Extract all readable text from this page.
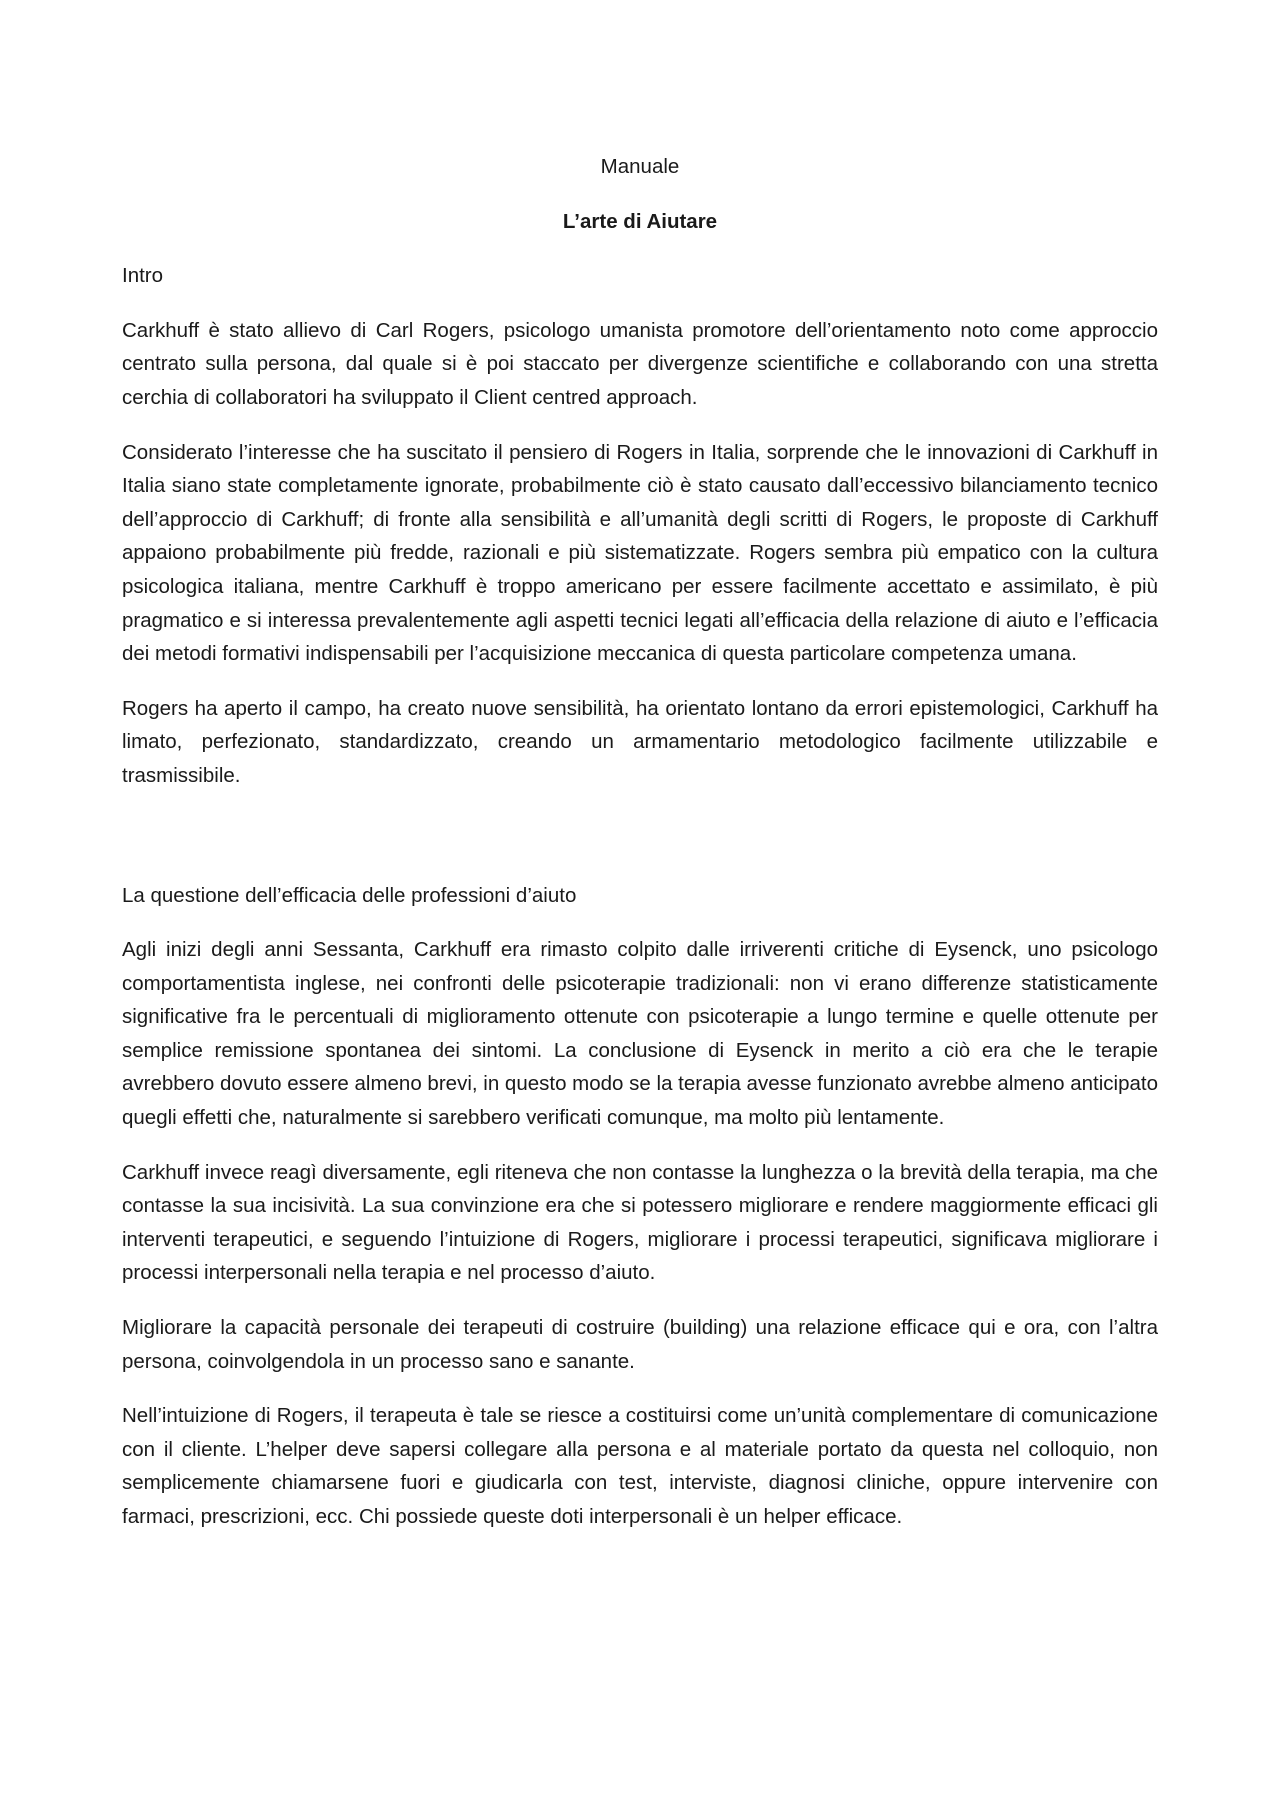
Manuale

L’arte di Aiutare

Intro

Carkhuff è stato allievo di Carl Rogers, psicologo umanista promotore dell’orientamento noto come approccio centrato sulla persona, dal quale si è poi staccato per divergenze scientifiche e collaborando con una stretta cerchia di collaboratori ha sviluppato il Client centred approach.

Considerato l’interesse che ha suscitato il pensiero di Rogers in Italia, sorprende che le innovazioni di Carkhuff in Italia siano state completamente ignorate, probabilmente ciò è stato causato dall’eccessivo bilanciamento tecnico dell’approccio di Carkhuff; di fronte alla sensibilità e all’umanità degli scritti di Rogers, le proposte di Carkhuff appaiono probabilmente più fredde, razionali e più sistematizzate. Rogers sembra più empatico con la cultura psicologica italiana, mentre Carkhuff è troppo americano per essere facilmente accettato e assimilato, è più pragmatico e si interessa prevalentemente agli aspetti tecnici legati all’efficacia della relazione di aiuto e l’efficacia dei metodi formativi indispensabili per l’acquisizione meccanica di questa particolare competenza umana.

Rogers ha aperto il campo, ha creato nuove sensibilità, ha orientato lontano da errori epistemologici, Carkhuff ha limato, perfezionato, standardizzato, creando un armamentario metodologico facilmente utilizzabile e trasmissibile.

La questione dell’efficacia delle professioni d’aiuto

Agli inizi degli anni Sessanta, Carkhuff era rimasto colpito dalle irriverenti critiche di Eysenck, uno psicologo comportamentista inglese, nei confronti delle psicoterapie tradizionali: non vi erano differenze statisticamente significative fra le percentuali di miglioramento ottenute con psicoterapie a lungo termine e quelle ottenute per semplice remissione spontanea dei sintomi. La conclusione di Eysenck in merito a ciò era che le terapie avrebbero dovuto essere almeno brevi, in questo modo se la terapia avesse funzionato avrebbe almeno anticipato quegli effetti che, naturalmente si sarebbero verificati comunque, ma molto più lentamente.

Carkhuff invece reagì diversamente, egli riteneva che non contasse la lunghezza o la brevità della terapia, ma che contasse la sua incisività. La sua convinzione era che si potessero migliorare e rendere maggiormente efficaci gli interventi terapeutici, e seguendo l’intuizione di Rogers, migliorare i processi terapeutici, significava migliorare i processi interpersonali nella terapia e nel processo d’aiuto.

Migliorare la capacità personale dei terapeuti di costruire (building) una relazione efficace qui e ora, con l’altra persona, coinvolgendola in un processo sano e sanante.

Nell’intuizione di Rogers, il terapeuta è tale se riesce a costituirsi come un’unità complementare di comunicazione con il cliente. L’helper deve sapersi collegare alla persona e al materiale portato da questa nel colloquio, non semplicemente chiamarsene fuori e giudicarla con test, interviste, diagnosi cliniche, oppure intervenire con farmaci, prescrizioni, ecc. Chi possiede queste doti interpersonali è un helper efficace.
